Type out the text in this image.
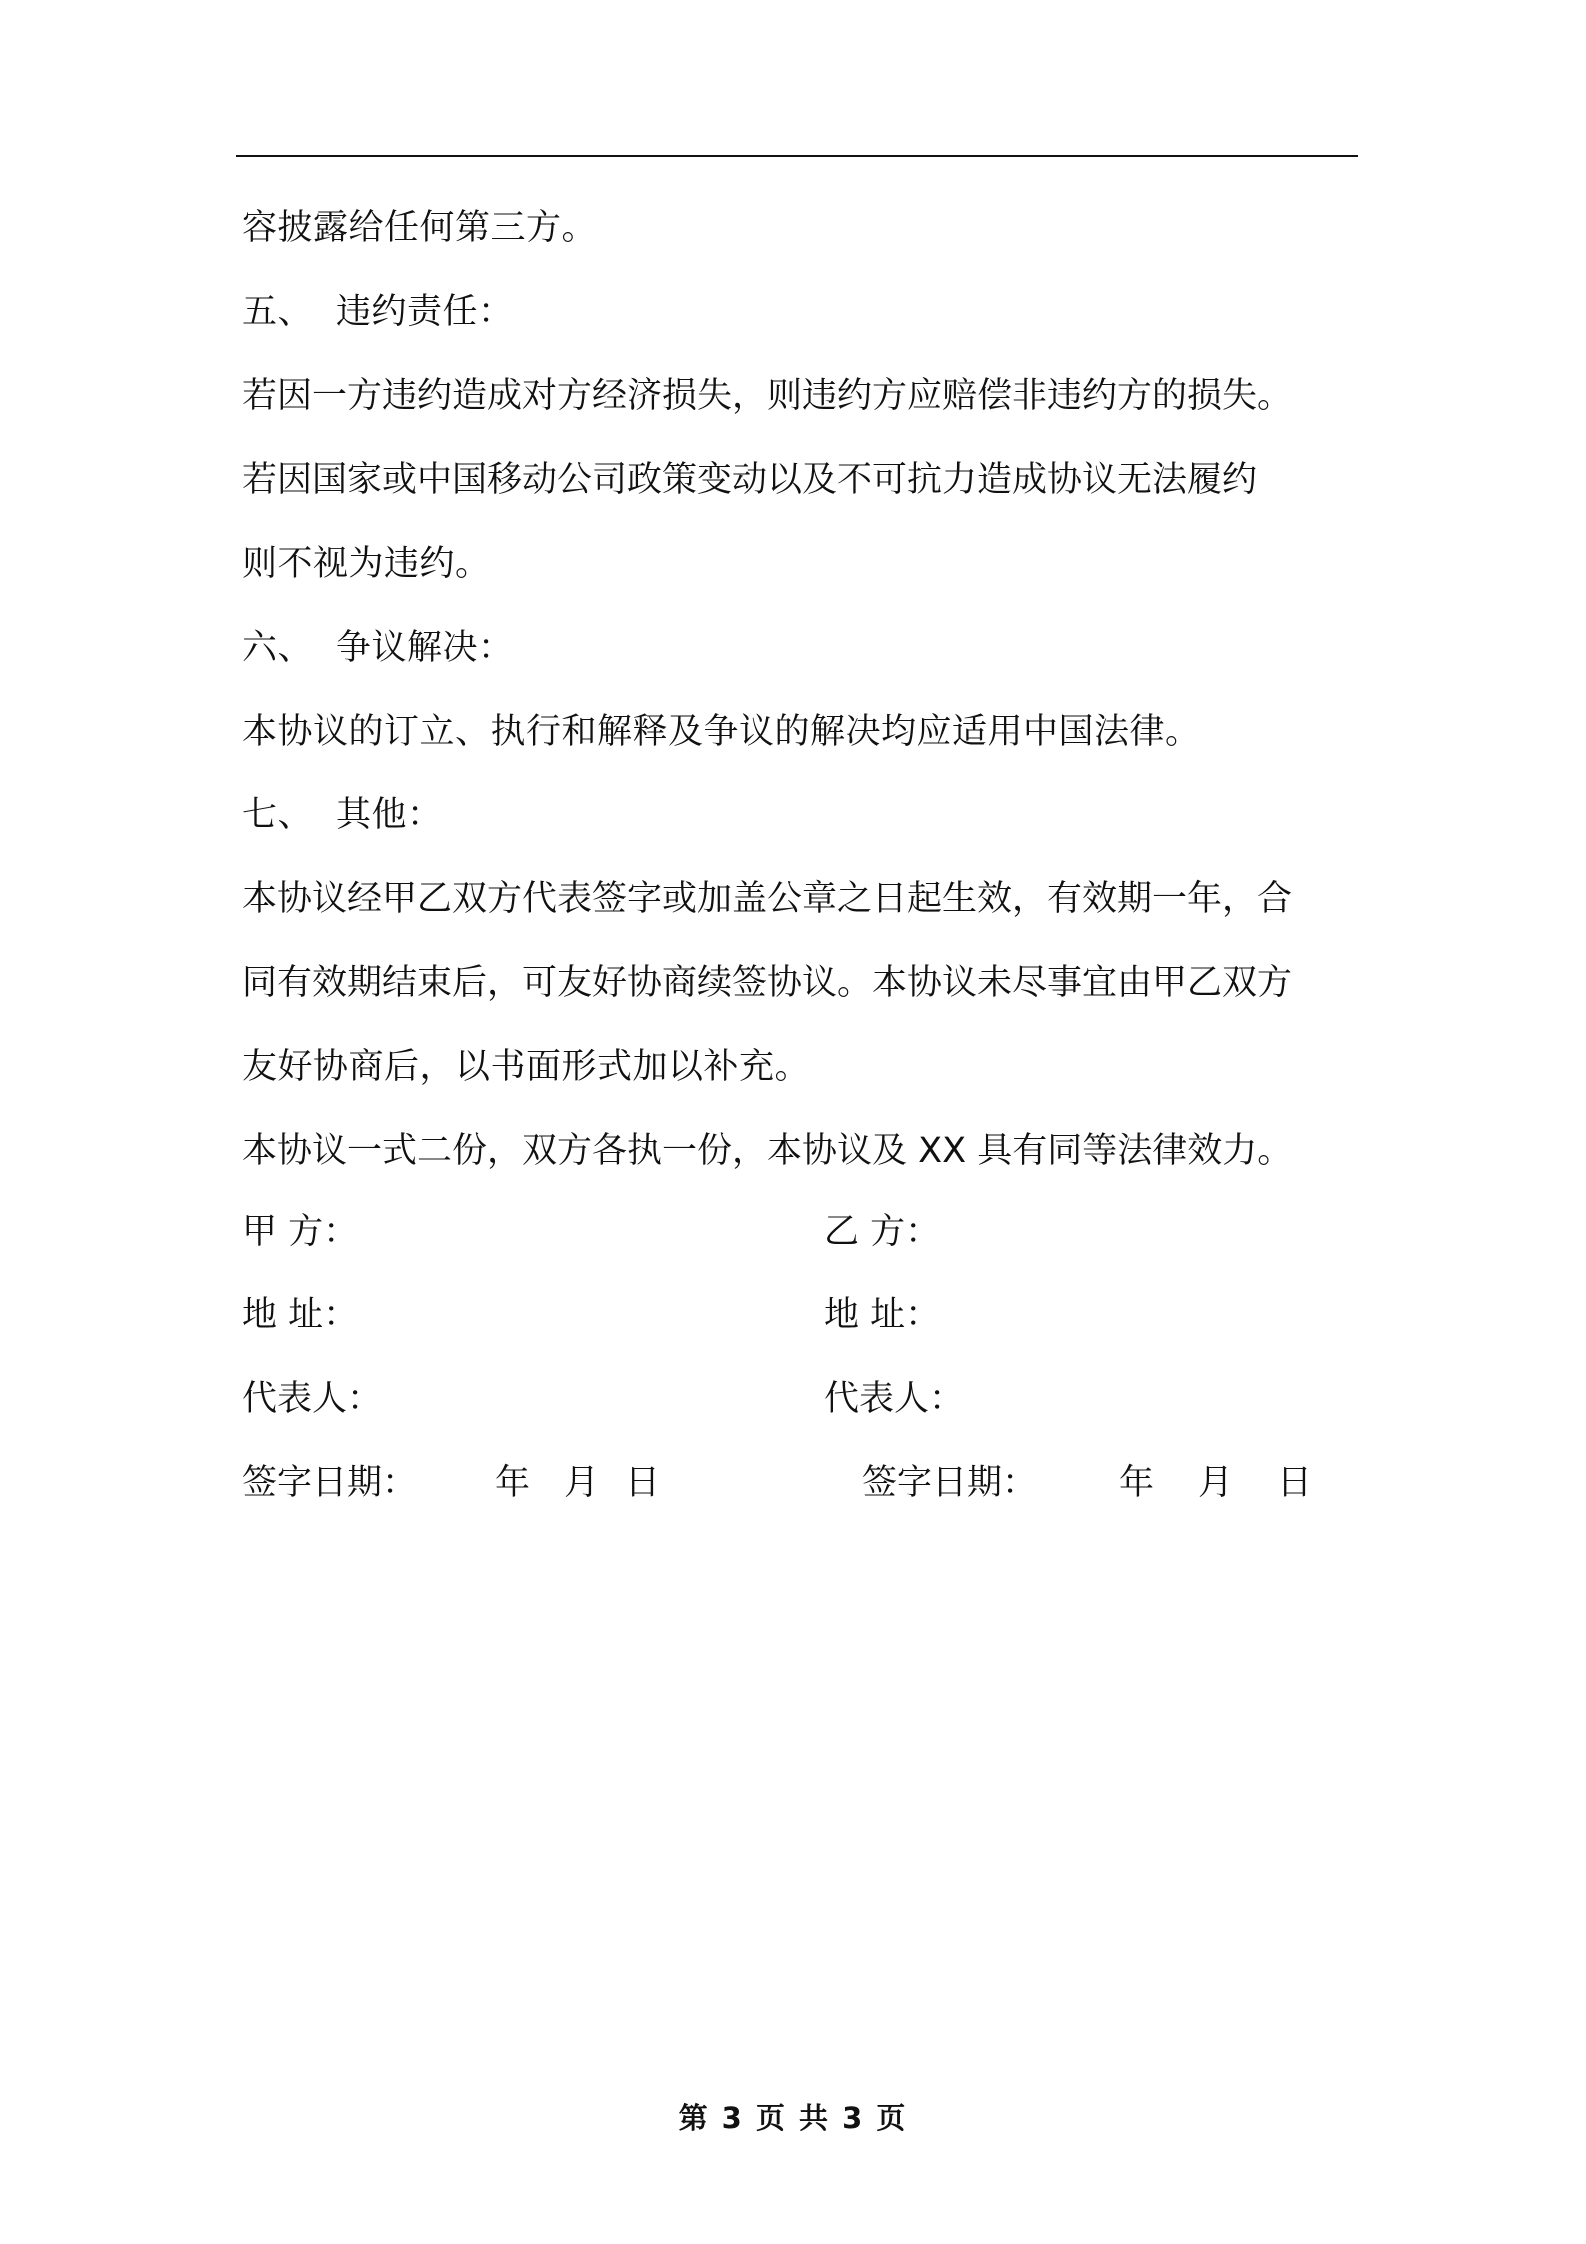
容披露给任何第三方。
五、 违约责任：
若因一方违约造成对方经济损失，则违约方应赔偿非违约方的损失。
若因国家或中国移动公司政策变动以及不可抗力造成协议无法履约
则不视为违约。
六、 争议解决：
本协议的订立、执行和解释及争议的解决均应适用中国法律。
七、 其他：
本协议经甲乙双方代表签字或加盖公章之日起生效，有效期一年，合
同有效期结束后，可友好协商续签协议。本协议未尽事宜由甲乙双方
友好协商后，以书面形式加以补充。
本协议一式二份，双方各执一份，本协议及 XX 具有同等法律效力。
甲 方：	乙 方：
地 址：	地 址：
代表人：	代表人：
签字日期： 年 月 日	签字日期： 年 月 日
第 3 页 共 3 页
